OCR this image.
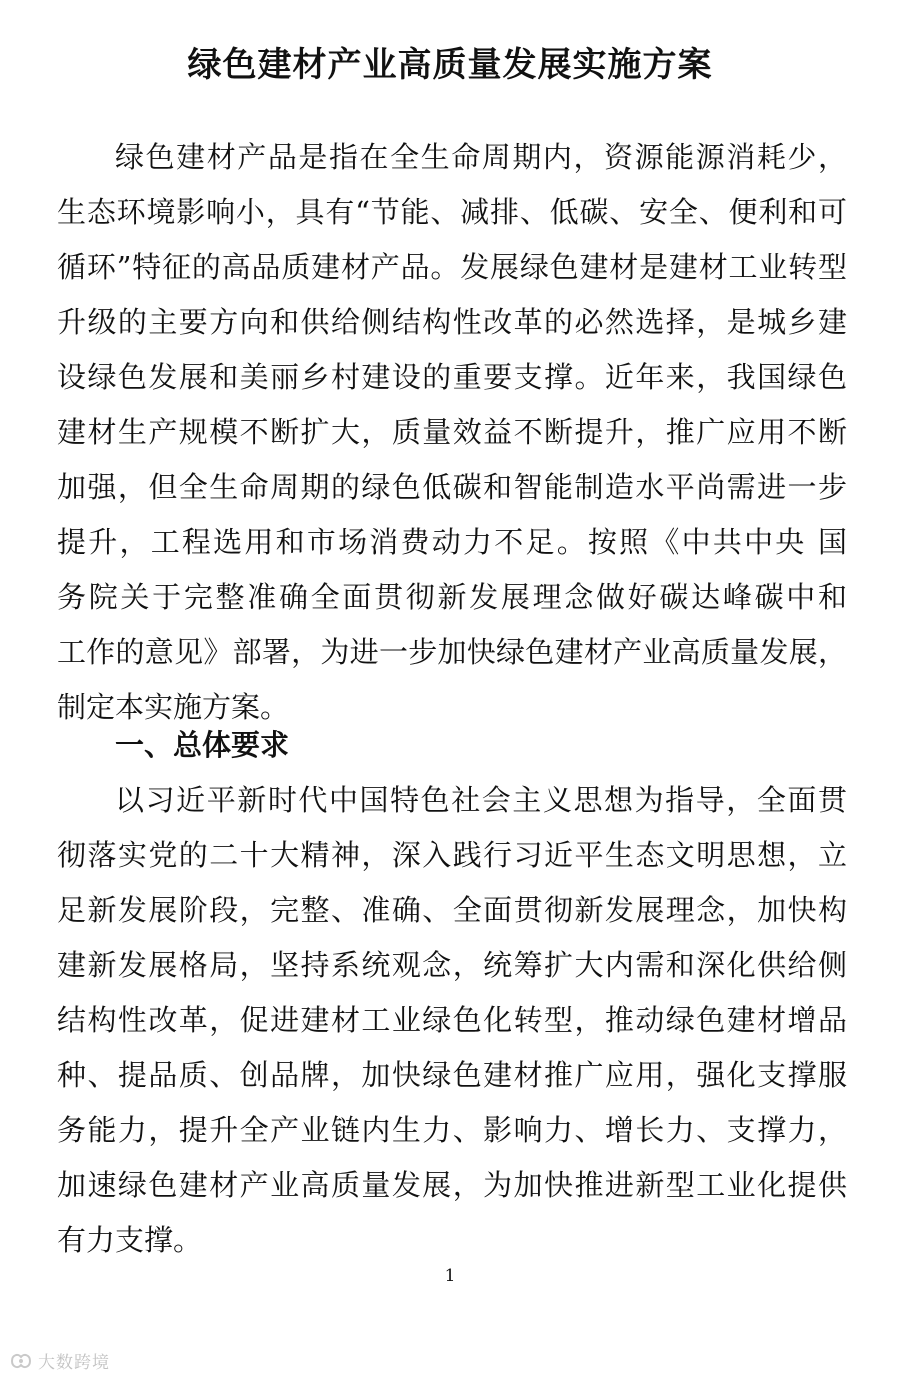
绿色建材产业高质量发展实施方案
绿色建材产品是指在全生命周期内，资源能源消耗少，
生态环境影响小，具有“节能、减排、低碳、安全、便利和可
循环”特征的高品质建材产品。发展绿色建材是建材工业转型
升级的主要方向和供给侧结构性改革的必然选择，是城乡建
设绿色发展和美丽乡村建设的重要支撑。近年来，我国绿色
建材生产规模不断扩大，质量效益不断提升，推广应用不断
加强，但全生命周期的绿色低碳和智能制造水平尚需进一步
提升，工程选用和市场消费动力不足。按照《中共中央 国
务院关于完整准确全面贯彻新发展理念做好碳达峰碳中和
工作的意见》部署，为进一步加快绿色建材产业高质量发展，
制定本实施方案。
一、总体要求
以习近平新时代中国特色社会主义思想为指导，全面贯
彻落实党的二十大精神，深入践行习近平生态文明思想，立
足新发展阶段，完整、准确、全面贯彻新发展理念，加快构
建新发展格局，坚持系统观念，统筹扩大内需和深化供给侧
结构性改革，促进建材工业绿色化转型，推动绿色建材增品
种、提品质、创品牌，加快绿色建材推广应用，强化支撑服
务能力，提升全产业链内生力、影响力、增长力、支撑力，
加速绿色建材产业高质量发展，为加快推进新型工业化提供
有力支撑。
1
大数跨境
